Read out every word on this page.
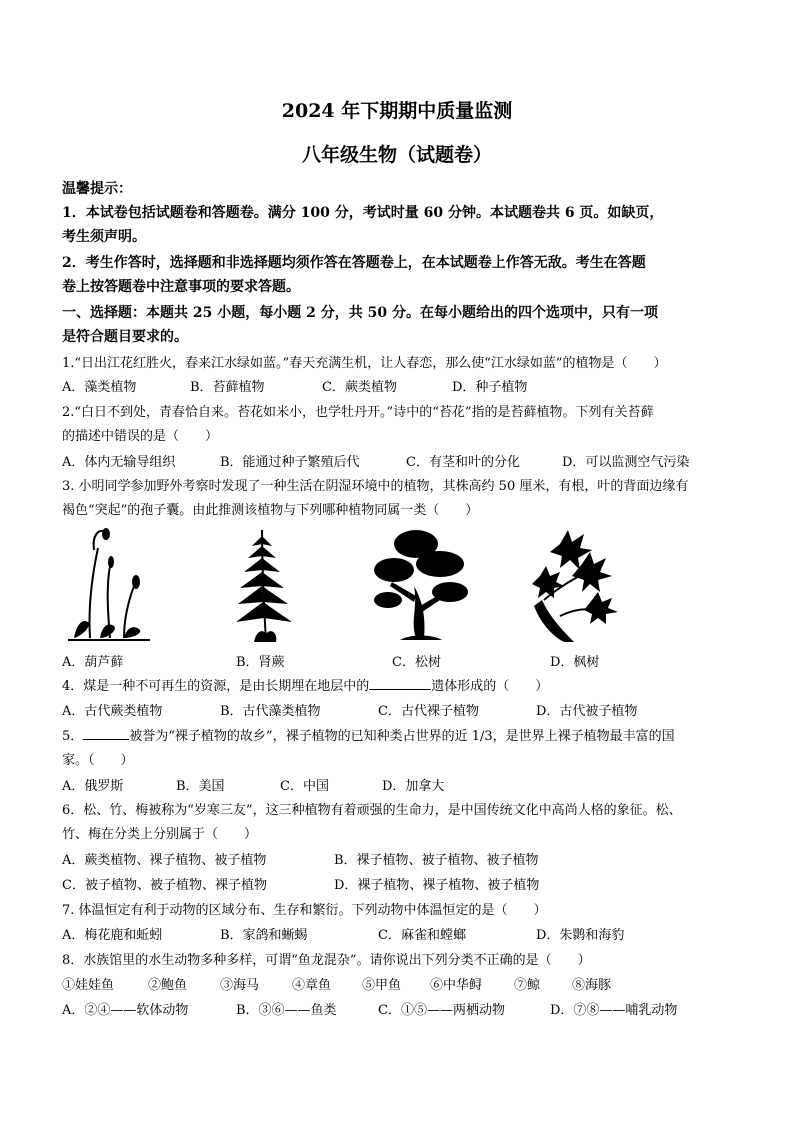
2024 年下期期中质量监测
八年级生物（试题卷）
温馨提示：
1．本试卷包括试题卷和答题卷。满分 100 分，考试时量 60 分钟。本试题卷共 6 页。如缺页，
考生须声明。
2．考生作答时，选择题和非选择题均须作答在答题卷上，在本试题卷上作答无敌。考生在答题
卷上按答题卷中注意事项的要求答题。
一、选择题：本题共 25 小题，每小题 2 分，共 50 分。在每小题给出的四个选项中，只有一项
是符合题目要求的。
1.“日出江花红胜火，春来江水绿如蓝。”春天充满生机，让人春恋，那么使“江水绿如蓝”的植物是（　　）
A．藻类植物	B．苔藓植物	C．蕨类植物	D．种子植物
2.“白日不到处，青春恰自来。苔花如米小，也学牡丹开。”诗中的“苔花”指的是苔藓植物。下列有关苔藓
的描述中错误的是（　　）
A．体内无输导组织	B．能通过种子繁殖后代	C．有茎和叶的分化	D．可以监测空气污染
3. 小明同学参加野外考察时发现了一种生活在阴湿环境中的植物，其株高约 50 厘米，有根，叶的背面边缘有
褐色“突起”的孢子囊。由此推测该植物与下列哪种植物同属一类（　　）
A．葫芦藓	B．肾蕨	C．松树	D．枫树
4．煤是一种不可再生的资源，是由长期埋在地层中的	遗体形成的（　　）
A．古代蕨类植物	B．古代藻类植物	C．古代裸子植物	D．古代被子植物
5．	被誉为“裸子植物的故乡”，裸子植物的已知种类占世界的近 1/3，是世界上裸子植物最丰富的国
家。（　　）
A．俄罗斯	B．美国	C．中国	D．加拿大
6．松、竹、梅被称为“岁寒三友”，这三种植物有着顽强的生命力，是中国传统文化中高尚人格的象征。松、
竹、梅在分类上分别属于（　　）
A．蕨类植物、裸子植物、被子植物	B．裸子植物、被子植物、被子植物
C．被子植物、被子植物、裸子植物	D．裸子植物、裸子植物、被子植物
7. 体温恒定有利于动物的区域分布、生存和繁衍。下列动物中体温恒定的是（　　）
A．梅花鹿和蚯蚓	B．家鸽和蜥蜴	C．麻雀和螳螂	D．朱鹮和海豹
8．水族馆里的水生动物多种多样，可谓“鱼龙混杂”。请你说出下列分类不正确的是（　　）
①娃娃鱼	②鲍鱼	③海马	④章鱼 ⑤甲鱼 ⑥中华鲟 ⑦鲸 ⑧海豚
A．②④——软体动物	B．③⑥——鱼类	C．①⑤——两栖动物	D．⑦⑧——哺乳动物
